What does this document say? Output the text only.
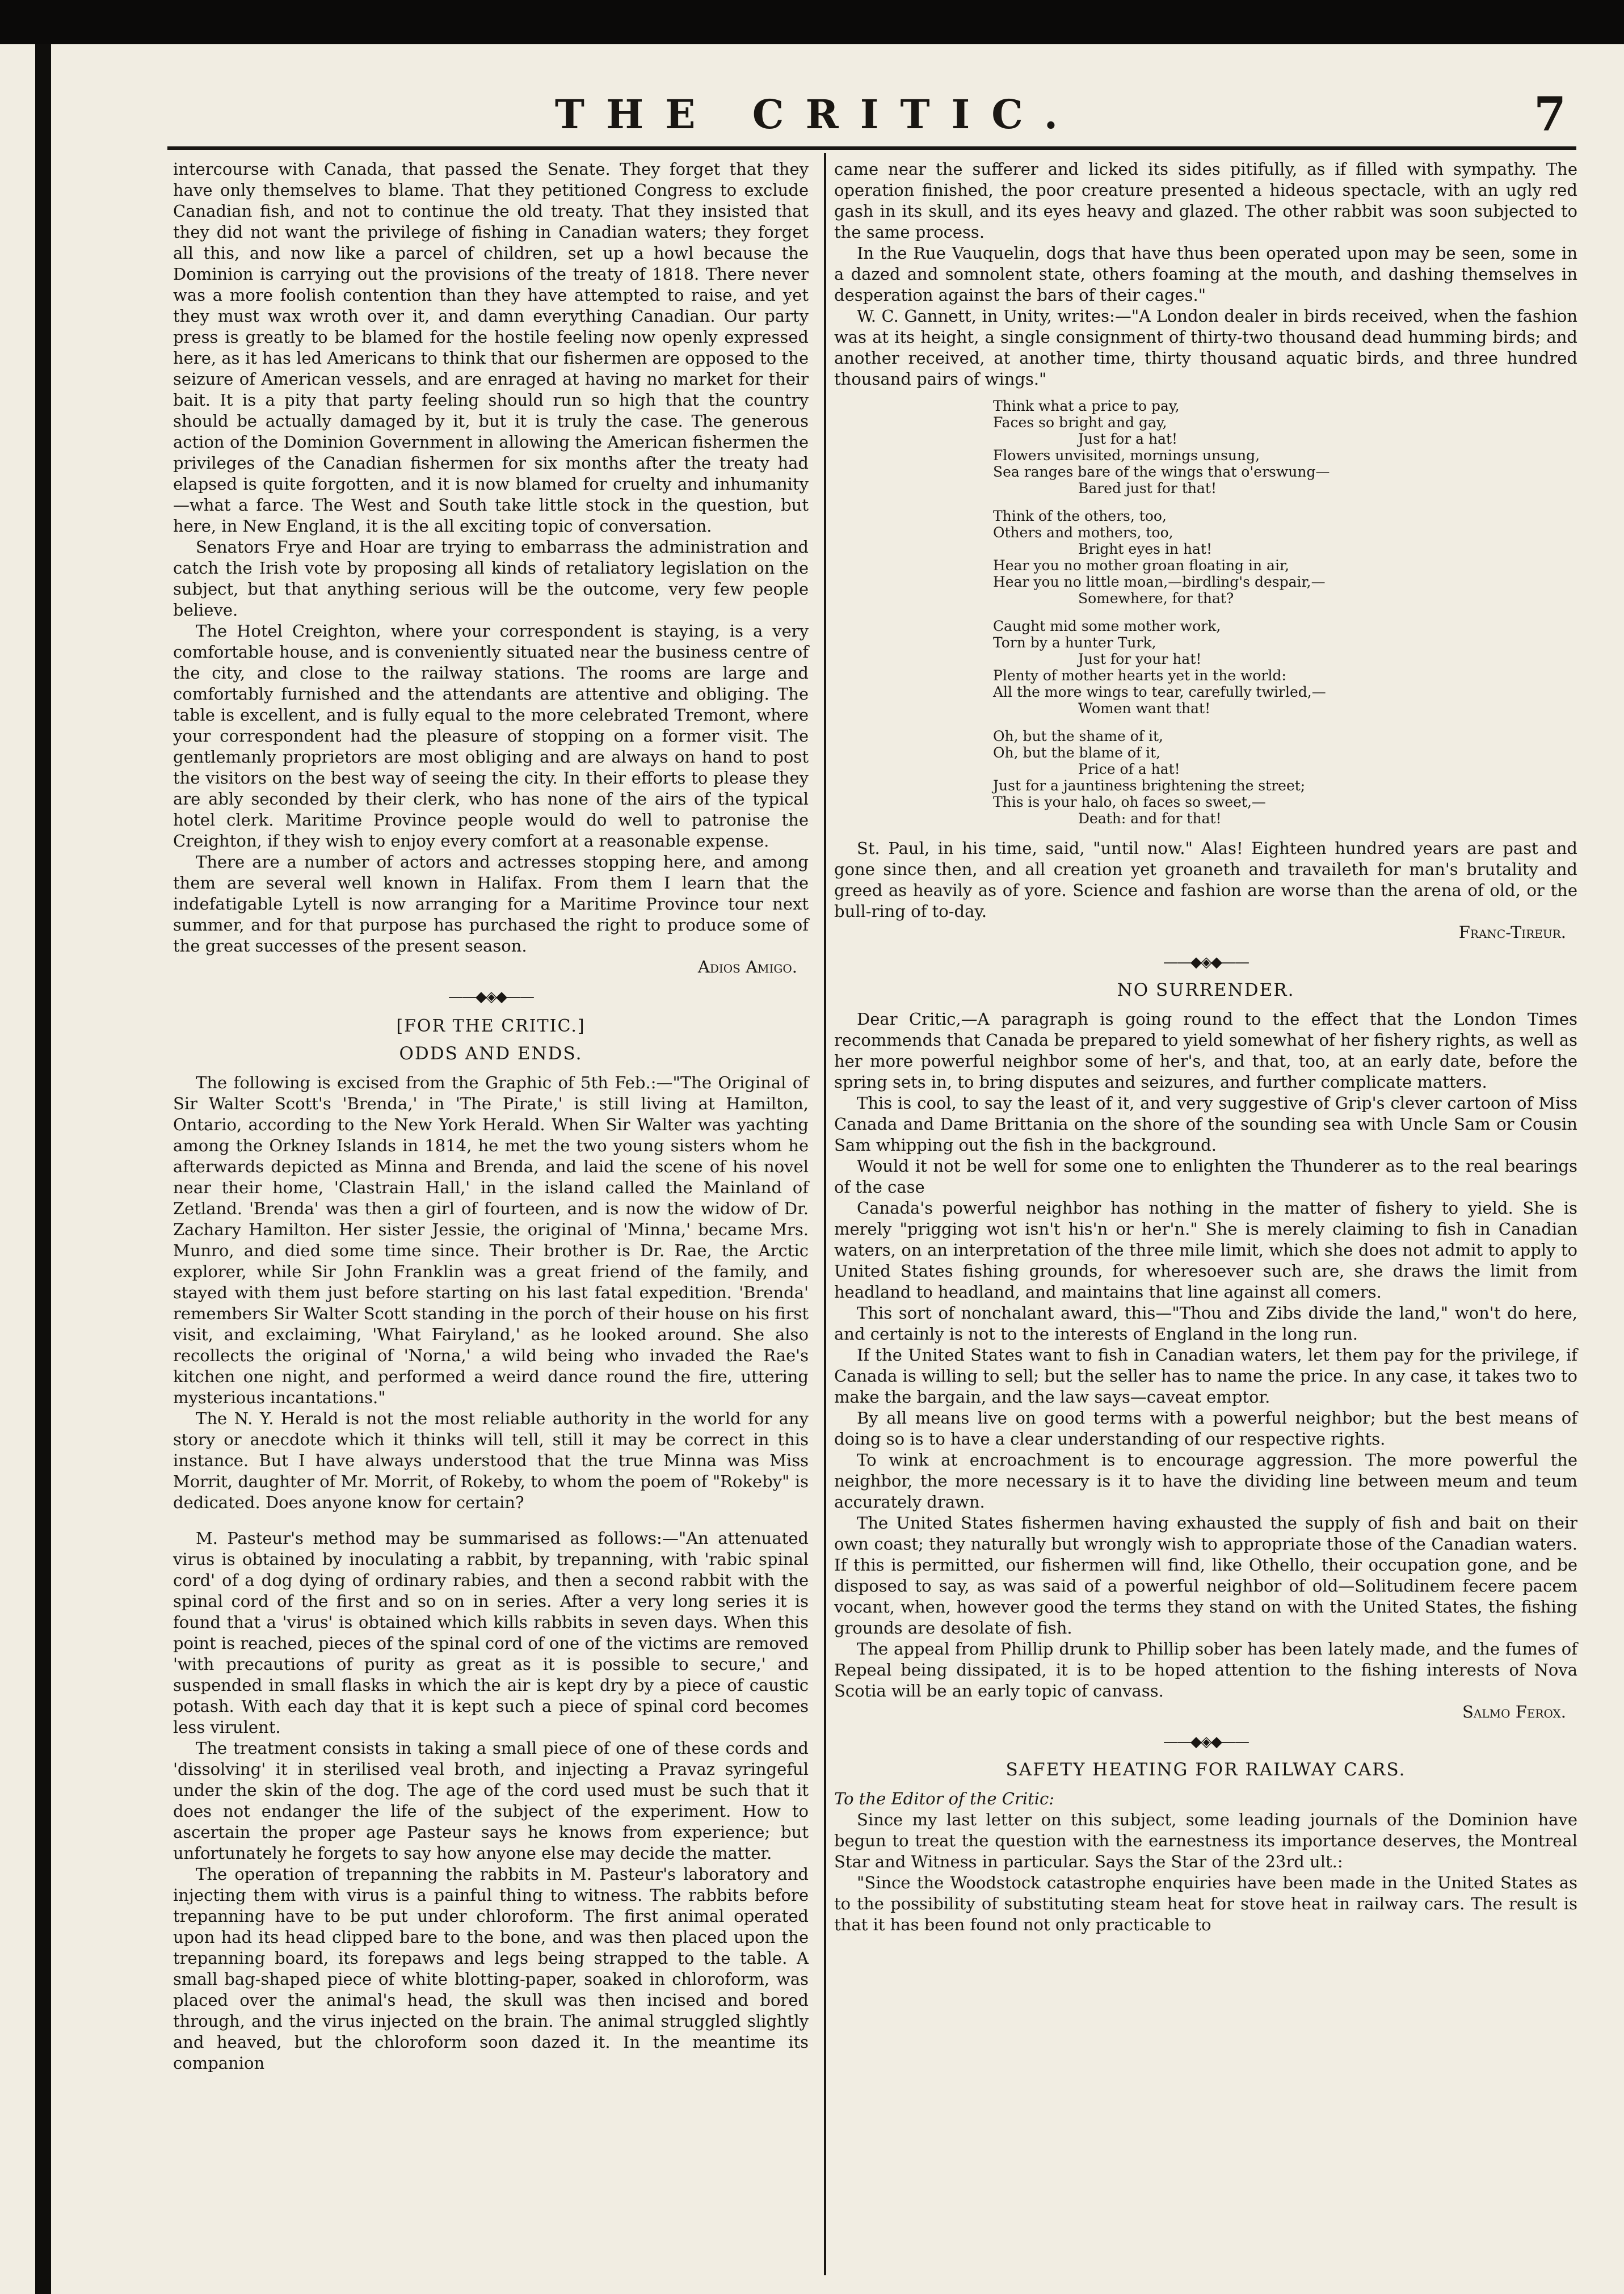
THE CRITIC.	7

intercourse with Canada, that passed the Senate. They forget that they have only themselves to blame. That they petitioned Congress to exclude Canadian fish, and not to continue the old treaty. That they insisted that they did not want the privilege of fishing in Canadian waters; they forget all this, and now like a parcel of children, set up a howl because the Dominion is carrying out the provisions of the treaty of 1818. There never was a more foolish contention than they have attempted to raise, and yet they must wax wroth over it, and damn everything Canadian. Our party press is greatly to be blamed for the hostile feeling now openly expressed here, as it has led Americans to think that our fishermen are opposed to the seizure of American vessels, and are enraged at having no market for their bait. It is a pity that party feeling should run so high that the country should be actually damaged by it, but it is truly the case. The generous action of the Dominion Government in allowing the American fishermen the privileges of the Canadian fishermen for six months after the treaty had elapsed is quite forgotten, and it is now blamed for cruelty and inhumanity—what a farce. The West and South take little stock in the question, but here, in New England, it is the all exciting topic of conversation.

Senators Frye and Hoar are trying to embarrass the administration and catch the Irish vote by proposing all kinds of retaliatory legislation on the subject, but that anything serious will be the outcome, very few people believe.

The Hotel Creighton, where your correspondent is staying, is a very comfortable house, and is conveniently situated near the business centre of the city, and close to the railway stations. The rooms are large and comfortably furnished and the attendants are attentive and obliging. The table is excellent, and is fully equal to the more celebrated Tremont, where your correspondent had the pleasure of stopping on a former visit. The gentlemanly proprietors are most obliging and are always on hand to post the visitors on the best way of seeing the city. In their efforts to please they are ably seconded by their clerk, who has none of the airs of the typical hotel clerk. Maritime Province people would do well to patronise the Creighton, if they wish to enjoy every comfort at a reasonable expense.

There are a number of actors and actresses stopping here, and among them are several well known in Halifax. From them I learn that the indefatigable Lytell is now arranging for a Maritime Province tour next summer, and for that purpose has purchased the right to produce some of the great successes of the present season.

Adios Amigo.
——◆◈◆——
[FOR THE CRITIC.]
ODDS AND ENDS.

The following is excised from the Graphic of 5th Feb.:—"The Original of Sir Walter Scott's 'Brenda,' in 'The Pirate,' is still living at Hamilton, Ontario, according to the New York Herald. When Sir Walter was yachting among the Orkney Islands in 1814, he met the two young sisters whom he afterwards depicted as Minna and Brenda, and laid the scene of his novel near their home, 'Clastrain Hall,' in the island called the Mainland of Zetland. 'Brenda' was then a girl of fourteen, and is now the widow of Dr. Zachary Hamilton. Her sister Jessie, the original of 'Minna,' became Mrs. Munro, and died some time since. Their brother is Dr. Rae, the Arctic explorer, while Sir John Franklin was a great friend of the family, and stayed with them just before starting on his last fatal expedition. 'Brenda' remembers Sir Walter Scott standing in the porch of their house on his first visit, and exclaiming, 'What Fairyland,' as he looked around. She also recollects the original of 'Norna,' a wild being who invaded the Rae's kitchen one night, and performed a weird dance round the fire, uttering mysterious incantations."

The N. Y. Herald is not the most reliable authority in the world for any story or anecdote which it thinks will tell, still it may be correct in this instance. But I have always understood that the true Minna was Miss Morrit, daughter of Mr. Morrit, of Rokeby, to whom the poem of "Rokeby" is dedicated. Does anyone know for certain?

M. Pasteur's method may be summarised as follows:—"An attenuated virus is obtained by inoculating a rabbit, by trepanning, with 'rabic spinal cord' of a dog dying of ordinary rabies, and then a second rabbit with the spinal cord of the first and so on in series. After a very long series it is found that a 'virus' is obtained which kills rabbits in seven days. When this point is reached, pieces of the spinal cord of one of the victims are removed 'with precautions of purity as great as it is possible to secure,' and suspended in small flasks in which the air is kept dry by a piece of caustic potash. With each day that it is kept such a piece of spinal cord becomes less virulent.

The treatment consists in taking a small piece of one of these cords and 'dissolving' it in sterilised veal broth, and injecting a Pravaz syringeful under the skin of the dog. The age of the cord used must be such that it does not endanger the life of the subject of the experiment. How to ascertain the proper age Pasteur says he knows from experience; but unfortunately he forgets to say how anyone else may decide the matter.

The operation of trepanning the rabbits in M. Pasteur's laboratory and injecting them with virus is a painful thing to witness. The rabbits before trepanning have to be put under chloroform. The first animal operated upon had its head clipped bare to the bone, and was then placed upon the trepanning board, its forepaws and legs being strapped to the table. A small bag-shaped piece of white blotting-paper, soaked in chloroform, was placed over the animal's head, the skull was then incised and bored through, and the virus injected on the brain. The animal struggled slightly and heaved, but the chloroform soon dazed it. In the meantime its companion

came near the sufferer and licked its sides pitifully, as if filled with sympathy. The operation finished, the poor creature presented a hideous spectacle, with an ugly red gash in its skull, and its eyes heavy and glazed. The other rabbit was soon subjected to the same process.

In the Rue Vauquelin, dogs that have thus been operated upon may be seen, some in a dazed and somnolent state, others foaming at the mouth, and dashing themselves in desperation against the bars of their cages."

W. C. Gannett, in Unity, writes:—"A London dealer in birds received, when the fashion was at its height, a single consignment of thirty-two thousand dead humming birds; and another received, at another time, thirty thousand aquatic birds, and three hundred thousand pairs of wings."

Think what a price to pay,
Faces so bright and gay,
Just for a hat!
Flowers unvisited, mornings unsung,
Sea ranges bare of the wings that o'erswung—
Bared just for that!
Think of the others, too,
Others and mothers, too,
Bright eyes in hat!
Hear you no mother groan floating in air,
Hear you no little moan,—birdling's despair,—
Somewhere, for that?
Caught mid some mother work,
Torn by a hunter Turk,
Just for your hat!
Plenty of mother hearts yet in the world:
All the more wings to tear, carefully twirled,—
Women want that!
Oh, but the shame of it,
Oh, but the blame of it,
Price of a hat!
Just for a jauntiness brightening the street;
This is your halo, oh faces so sweet,—
Death: and for that!

St. Paul, in his time, said, "until now." Alas! Eighteen hundred years are past and gone since then, and all creation yet groaneth and travaileth for man's brutality and greed as heavily as of yore. Science and fashion are worse than the arena of old, or the bull-ring of to-day.

Franc-Tireur.
——◆◈◆——
NO SURRENDER.

Dear Critic,—A paragraph is going round to the effect that the London Times recommends that Canada be prepared to yield somewhat of her fishery rights, as well as her more powerful neighbor some of her's, and that, too, at an early date, before the spring sets in, to bring disputes and seizures, and further complicate matters.

This is cool, to say the least of it, and very suggestive of Grip's clever cartoon of Miss Canada and Dame Brittania on the shore of the sounding sea with Uncle Sam or Cousin Sam whipping out the fish in the background.

Would it not be well for some one to enlighten the Thunderer as to the real bearings of the case

Canada's powerful neighbor has nothing in the matter of fishery to yield. She is merely "prigging wot isn't his'n or her'n." She is merely claiming to fish in Canadian waters, on an interpretation of the three mile limit, which she does not admit to apply to United States fishing grounds, for wheresoever such are, she draws the limit from headland to headland, and maintains that line against all comers.

This sort of nonchalant award, this—"Thou and Zibs divide the land," won't do here, and certainly is not to the interests of England in the long run.

If the United States want to fish in Canadian waters, let them pay for the privilege, if Canada is willing to sell; but the seller has to name the price. In any case, it takes two to make the bargain, and the law says—caveat emptor.

By all means live on good terms with a powerful neighbor; but the best means of doing so is to have a clear understanding of our respective rights.

To wink at encroachment is to encourage aggression. The more powerful the neighbor, the more necessary is it to have the dividing line between meum and teum accurately drawn.

The United States fishermen having exhausted the supply of fish and bait on their own coast; they naturally but wrongly wish to appropriate those of the Canadian waters. If this is permitted, our fishermen will find, like Othello, their occupation gone, and be disposed to say, as was said of a powerful neighbor of old—Solitudinem fecere pacem vocant, when, however good the terms they stand on with the United States, the fishing grounds are desolate of fish.

The appeal from Phillip drunk to Phillip sober has been lately made, and the fumes of Repeal being dissipated, it is to be hoped attention to the fishing interests of Nova Scotia will be an early topic of canvass.

Salmo Ferox.
——◆◈◆——
SAFETY HEATING FOR RAILWAY CARS.

To the Editor of the Critic:

Since my last letter on this subject, some leading journals of the Dominion have begun to treat the question with the earnestness its importance deserves, the Montreal Star and Witness in particular. Says the Star of the 23rd ult.:

"Since the Woodstock catastrophe enquiries have been made in the United States as to the possibility of substituting steam heat for stove heat in railway cars. The result is that it has been found not only practicable to
